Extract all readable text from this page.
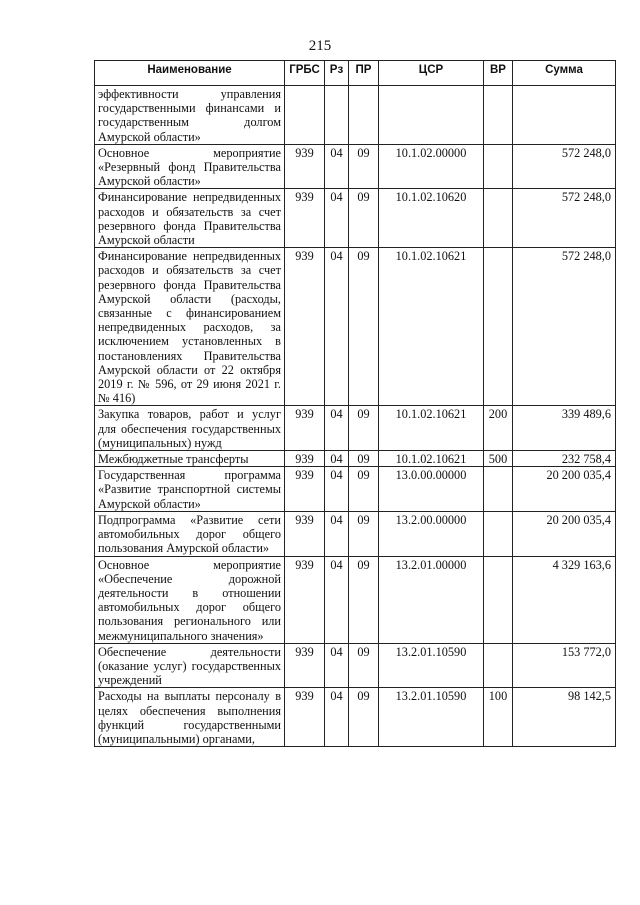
215
Наименование	ГРБС	Рз	ПР	ЦСР	ВР	Сумма
эффективности управления государственными финансами и государственным долгом Амурской области»						
Основное мероприятие «Резервный фонд Правительства Амурской области»	939	04	09	10.1.02.00000		572 248,0
Финансирование непредвиденных расходов и обязательств за счет резервного фонда Правительства Амурской области	939	04	09	10.1.02.10620		572 248,0
Финансирование непредвиденных расходов и обязательств за счет резервного фонда Правительства Амурской области (расходы, связанные с финансированием непредвиденных расходов, за исключением установленных в постановлениях Правительства Амурской области от 22 октября 2019 г. № 596, от 29 июня 2021 г. № 416)	939	04	09	10.1.02.10621		572 248,0
Закупка товаров, работ и услуг для обеспечения государственных (муниципальных) нужд	939	04	09	10.1.02.10621	200	339 489,6
Межбюджетные трансферты	939	04	09	10.1.02.10621	500	232 758,4
Государственная программа «Развитие транспортной системы Амурской области»	939	04	09	13.0.00.00000		20 200 035,4
Подпрограмма «Развитие сети автомобильных дорог общего пользования Амурской области»	939	04	09	13.2.00.00000		20 200 035,4
Основное мероприятие «Обеспечение дорожной деятельности в отношении автомобильных дорог общего пользования регионального или межмуниципального значения»	939	04	09	13.2.01.00000		4 329 163,6
Обеспечение деятельности (оказание услуг) государственных учреждений	939	04	09	13.2.01.10590		153 772,0
Расходы на выплаты персоналу в целях обеспечения выполнения функций государственными (муниципальными) органами,	939	04	09	13.2.01.10590	100	98 142,5
